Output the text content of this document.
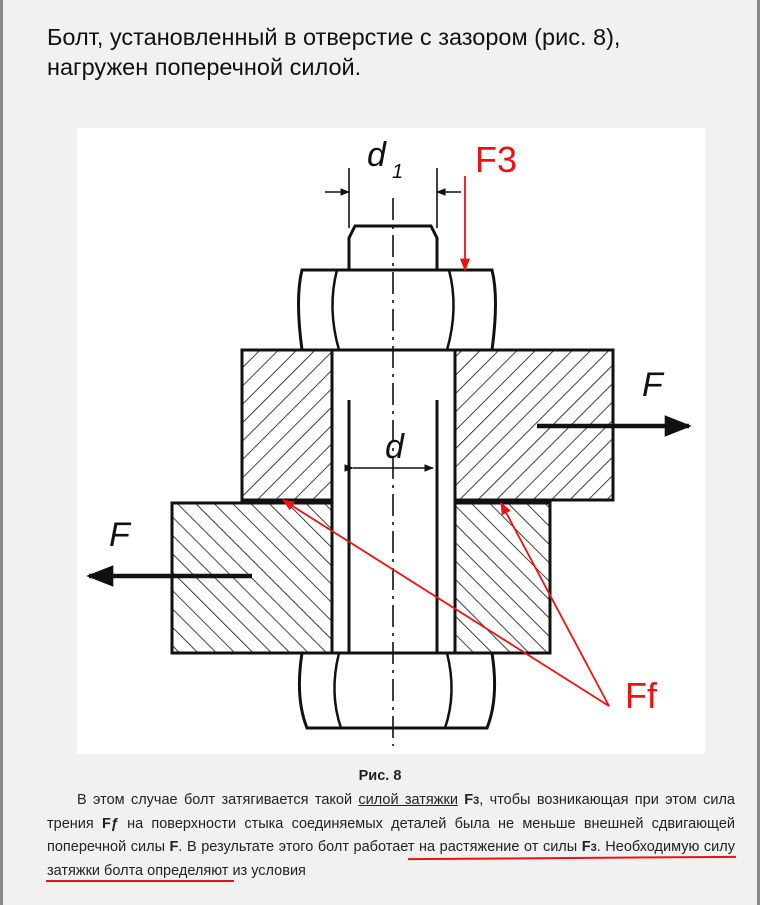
Болт, установленный в отверстие с зазором (рис. 8),
нагружен поперечной силой.
d 1
d
F
F
F3
Ff
Рис. 8
В этом случае болт затягивается такой силой затяжки F3, чтобы возникающая при этом сила трения Fƒ на поверхности стыка соединяемых деталей была не меньше внешней сдвигающей поперечной силы F. В результате этого болт работает на растяжение от силы F3. Необходимую силу затяжки болта определяют из условия
